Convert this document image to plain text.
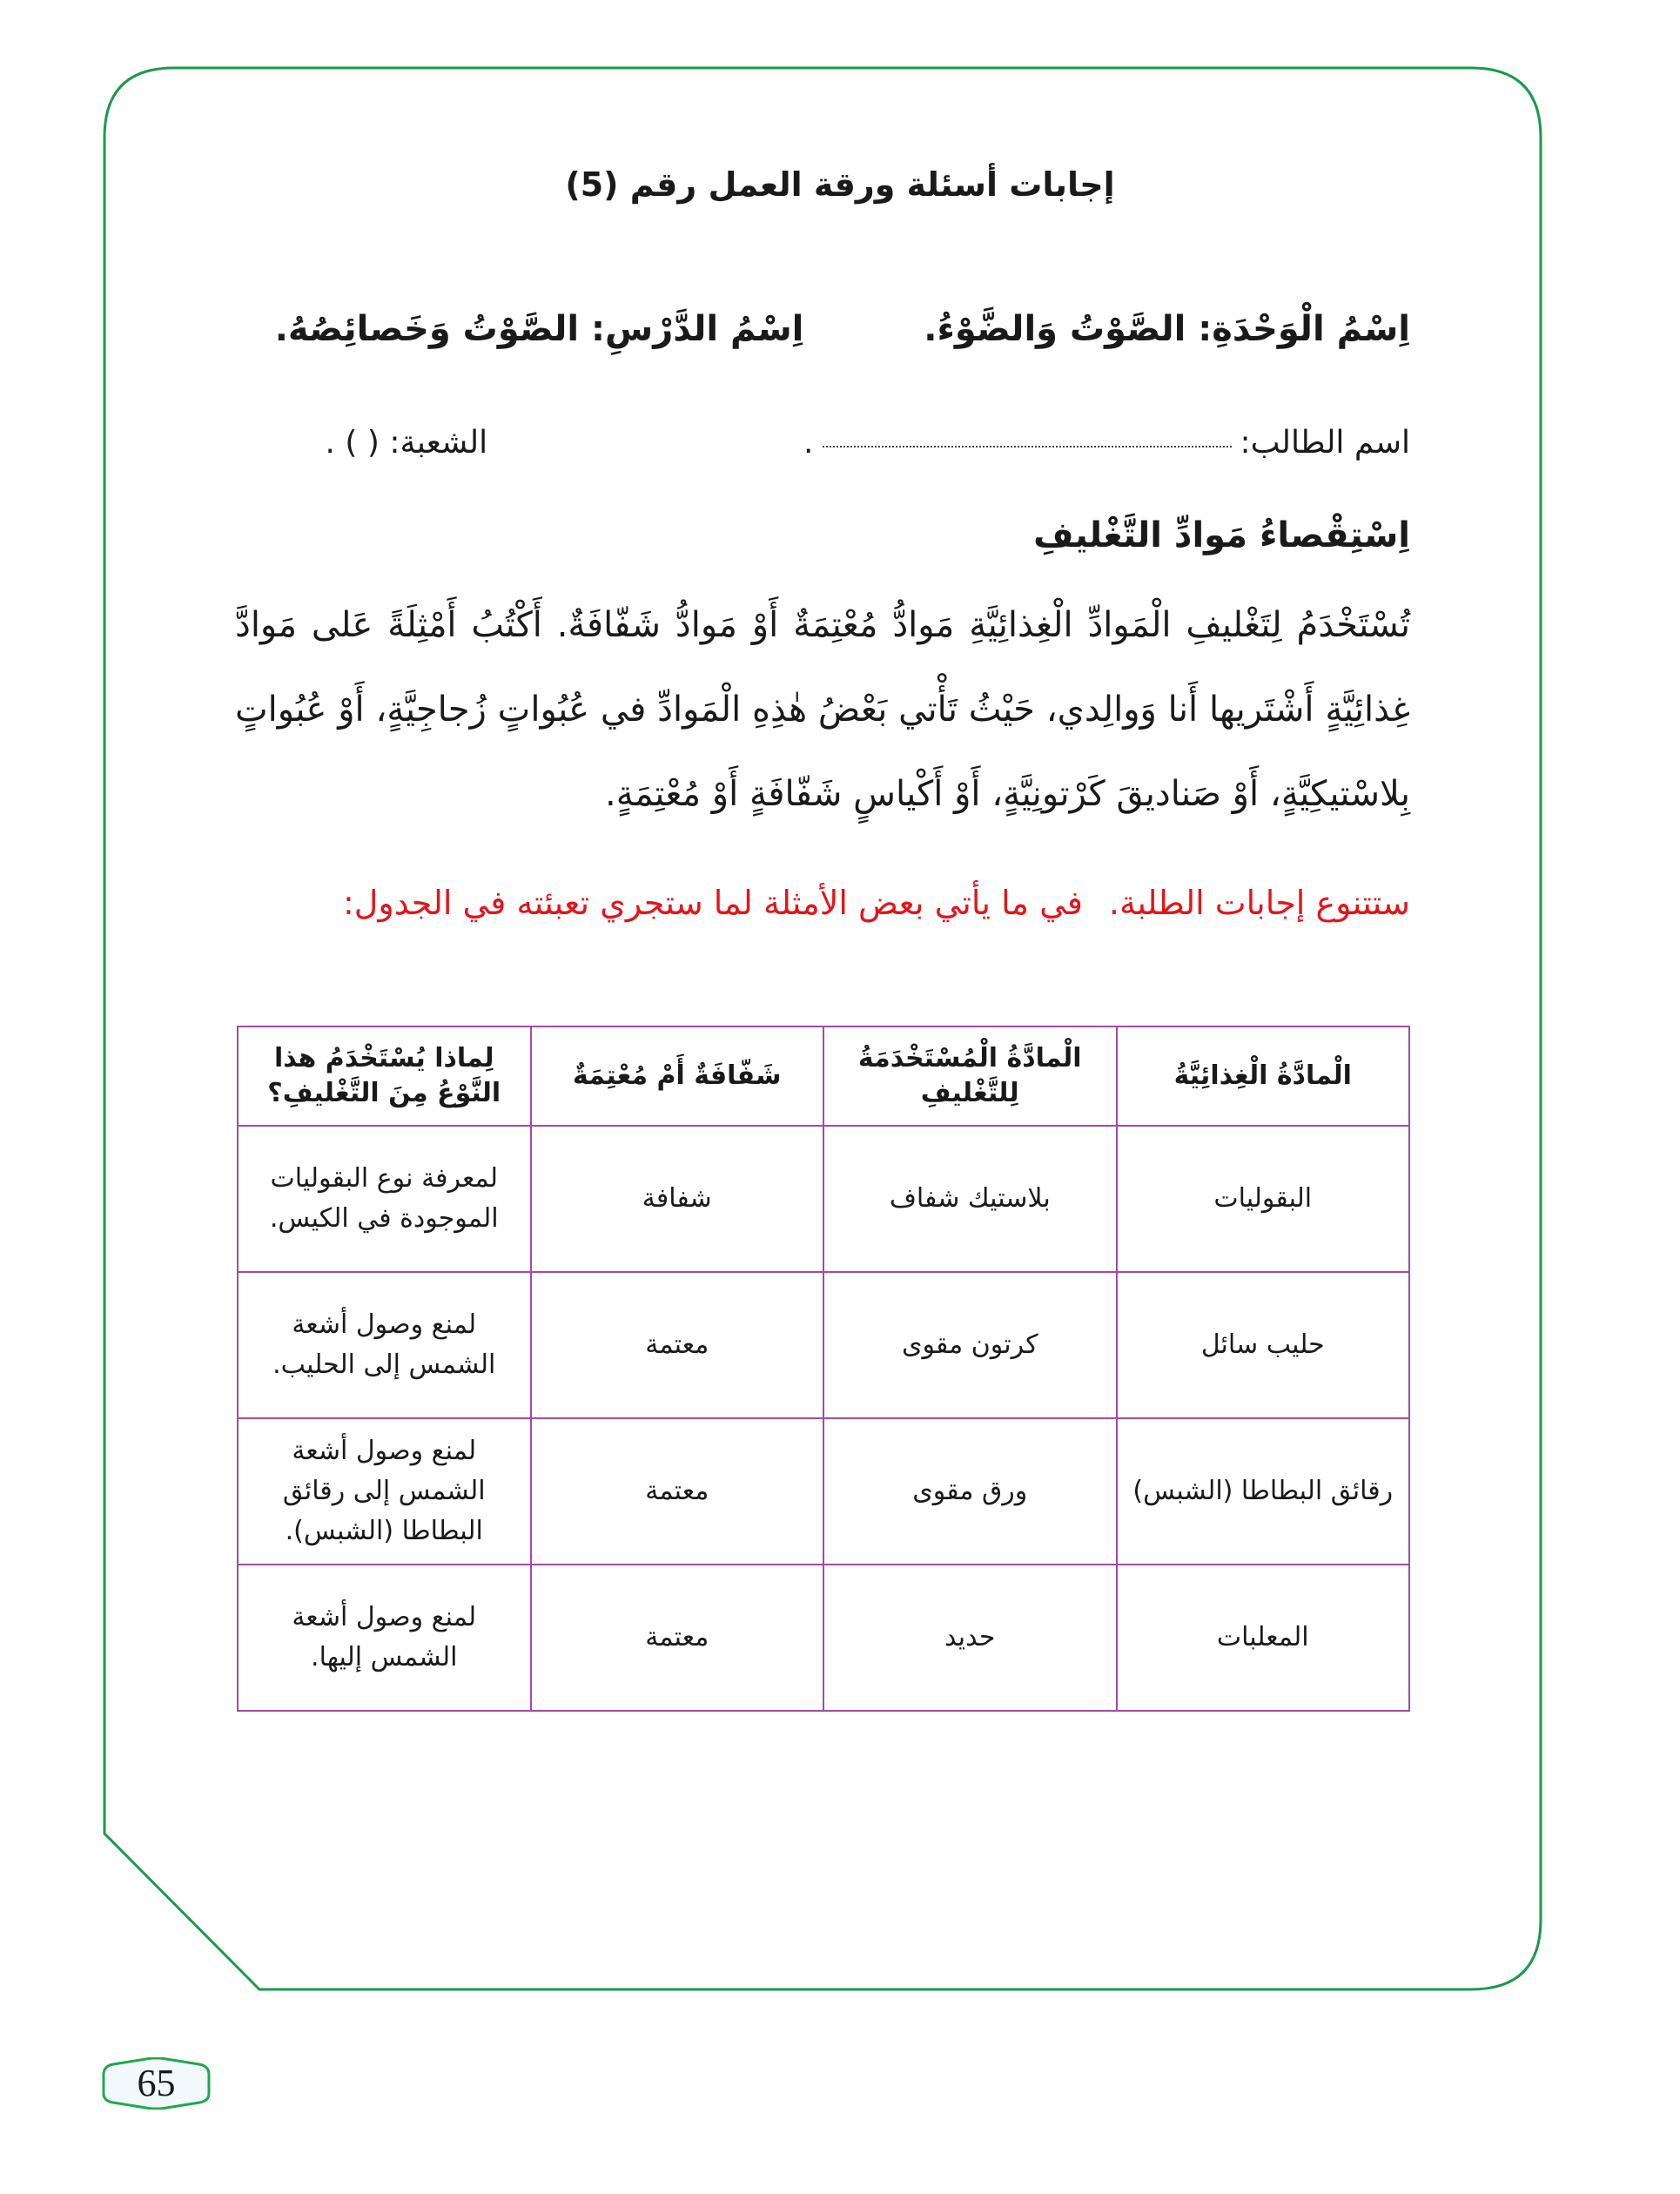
إجابات أسئلة ورقة العمل رقم (5)
اِسْمُ الْوَحْدَةِ: الصَّوْتُ وَالضَّوْءُ.  اِسْمُ الدَّرْسِ: الصَّوْتُ وَخَصائِصُهُ.
اسم الطالب:.  الشعبة: ( ) .
اِسْتِقْصاءُ مَوادِّ التَّغْليفِ
تُسْتَخْدَمُ لِتَغْليفِ الْمَوادِّ الْغِذائِيَّةِ مَوادُّ مُعْتِمَةٌ أَوْ مَوادُّ شَفّافَةٌ. أَكْتُبُ أَمْثِلَةً عَلى مَوادَّ غِذائِيَّةٍ أَشْتَريها أَنا وَوالِدي، حَيْثُ تَأْتي بَعْضُ هٰذِهِ الْمَوادِّ في عُبُواتٍ زُجاجِيَّةٍ، أَوْ عُبُواتٍ بِلاسْتيكِيَّةٍ، أَوْ صَناديقَ كَرْتونِيَّةٍ، أَوْ أَكْياسٍ شَفّافَةٍ أَوْ مُعْتِمَةٍ.
ستتنوع إجابات الطلبة.في ما يأتي بعض الأمثلة لما ستجري تعبئته في الجدول:
الْمادَّةُ الْغِذائِيَّةُ	الْمادَّةُ الْمُسْتَخْدَمَةُ لِلتَّغْليفِ	شَفّافَةٌ أَمْ مُعْتِمَةٌ	لِماذا يُسْتَخْدَمُ هذا النَّوْعُ مِنَ التَّغْليفِ؟
البقوليات	بلاستيك شفاف	شفافة	لمعرفة نوع البقوليات الموجودة في الكيس.
حليب سائل	كرتون مقوى	معتمة	لمنع وصول أشعة الشمس إلى الحليب.
رقائق البطاطا (الشبس)	ورق مقوى	معتمة	لمنع وصول أشعة الشمس إلى رقائق البطاطا (الشبس).
المعلبات	حديد	معتمة	لمنع وصول أشعة الشمس إليها.
65
